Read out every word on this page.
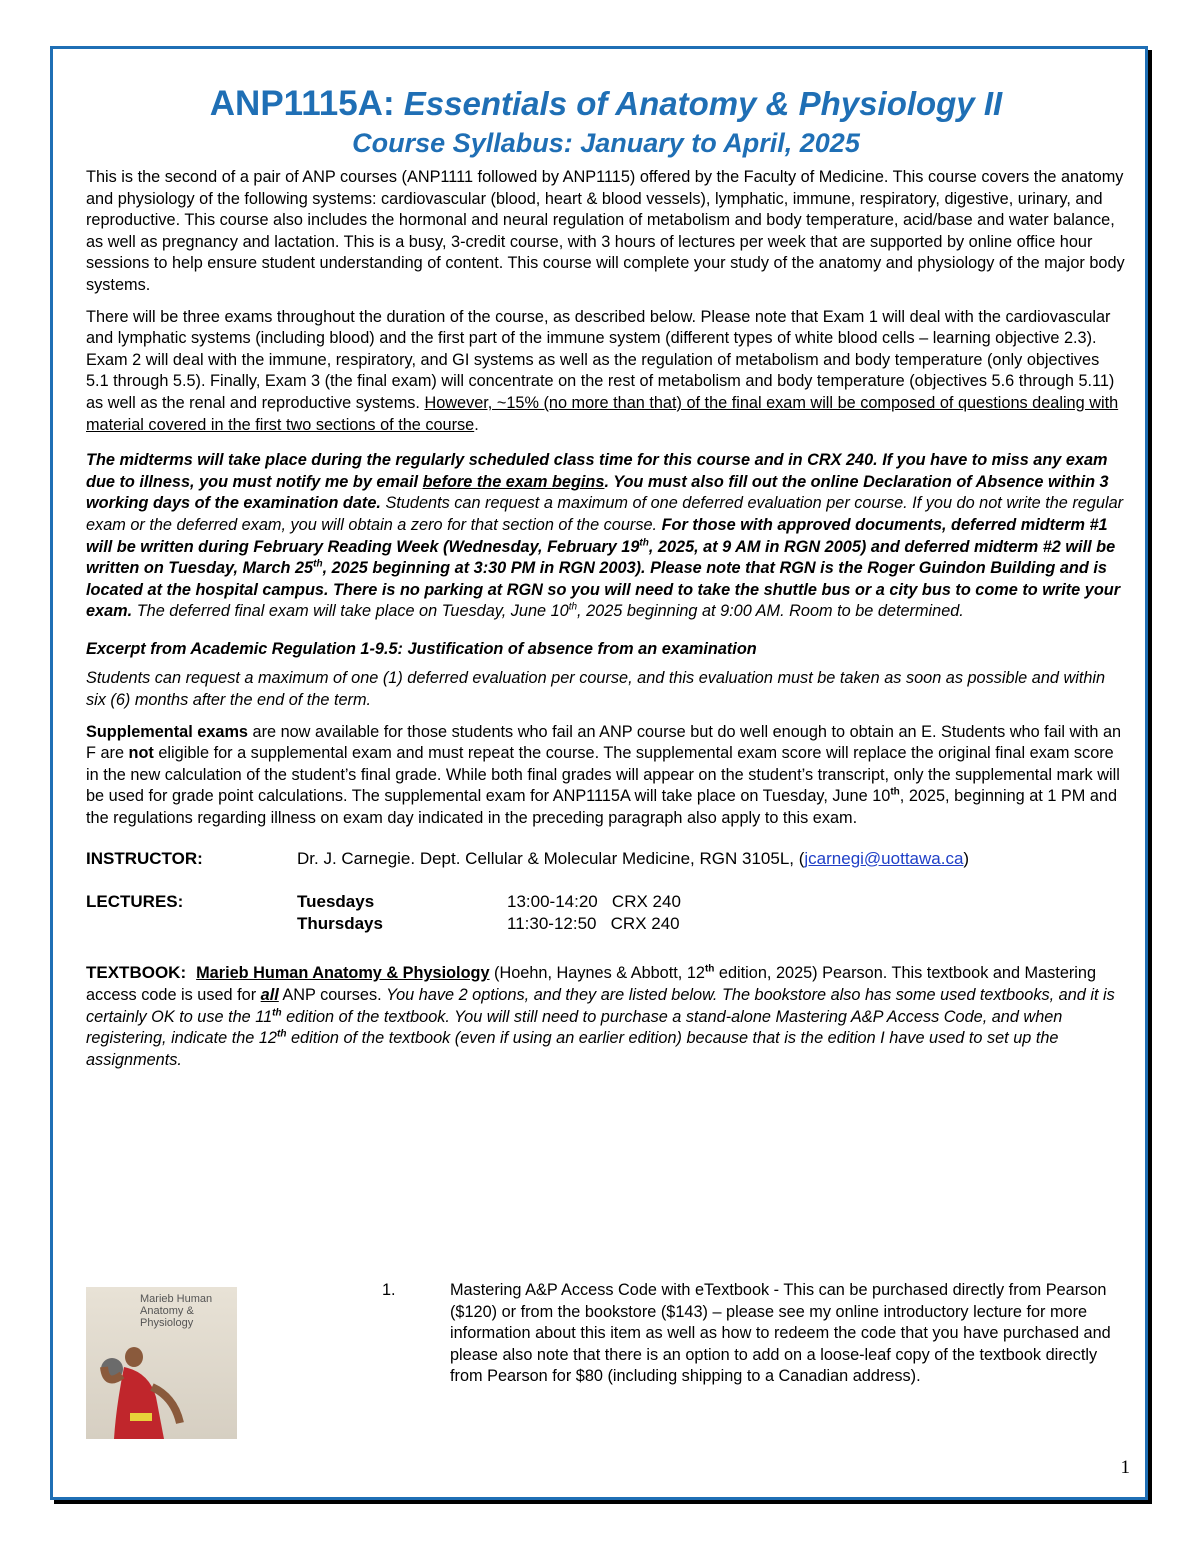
ANP1115A: Essentials of Anatomy & Physiology II
Course Syllabus: January to April, 2025

This is the second of a pair of ANP courses (ANP1111 followed by ANP1115) offered by the Faculty of Medicine. This course covers the anatomy and physiology of the following systems: cardiovascular (blood, heart & blood vessels), lymphatic, immune, respiratory, digestive, urinary, and reproductive. This course also includes the hormonal and neural regulation of metabolism and body temperature, acid/base and water balance, as well as pregnancy and lactation. This is a busy, 3-credit course, with 3 hours of lectures per week that are supported by online office hour sessions to help ensure student understanding of content. This course will complete your study of the anatomy and physiology of the major body systems.

There will be three exams throughout the duration of the course, as described below. Please note that Exam 1 will deal with the cardiovascular and lymphatic systems (including blood) and the first part of the immune system (different types of white blood cells – learning objective 2.3). Exam 2 will deal with the immune, respiratory, and GI systems as well as the regulation of metabolism and body temperature (only objectives 5.1 through 5.5). Finally, Exam 3 (the final exam) will concentrate on the rest of metabolism and body temperature (objectives 5.6 through 5.11) as well as the renal and reproductive systems. However, ~15% (no more than that) of the final exam will be composed of questions dealing with material covered in the first two sections of the course.

The midterms will take place during the regularly scheduled class time for this course and in CRX 240. If you have to miss any exam due to illness, you must notify me by email before the exam begins. You must also fill out the online Declaration of Absence within 3 working days of the examination date. Students can request a maximum of one deferred evaluation per course. If you do not write the regular exam or the deferred exam, you will obtain a zero for that section of the course. For those with approved documents, deferred midterm #1 will be written during February Reading Week (Wednesday, February 19th, 2025, at 9 AM in RGN 2005) and deferred midterm #2 will be written on Tuesday, March 25th, 2025 beginning at 3:30 PM in RGN 2003). Please note that RGN is the Roger Guindon Building and is located at the hospital campus. There is no parking at RGN so you will need to take the shuttle bus or a city bus to come to write your exam. The deferred final exam will take place on Tuesday, June 10th, 2025 beginning at 9:00 AM. Room to be determined.

Excerpt from Academic Regulation 1-9.5: Justification of absence from an examination

Students can request a maximum of one (1) deferred evaluation per course, and this evaluation must be taken as soon as possible and within six (6) months after the end of the term.

Supplemental exams are now available for those students who fail an ANP course but do well enough to obtain an E. Students who fail with an F are not eligible for a supplemental exam and must repeat the course. The supplemental exam score will replace the original final exam score in the new calculation of the student’s final grade. While both final grades will appear on the student’s transcript, only the supplemental mark will be used for grade point calculations. The supplemental exam for ANP1115A will take place on Tuesday, June 10th, 2025, beginning at 1 PM and the regulations regarding illness on exam day indicated in the preceding paragraph also apply to this exam.

INSTRUCTOR:	Dr. J. Carnegie. Dept. Cellular & Molecular Medicine, RGN 3105L, (jcarnegi@uottawa.ca)
LECTURES:	Tuesdays	13:00-14:20   CRX 240
Thursdays	11:30-12:50   CRX 240

TEXTBOOK: Marieb Human Anatomy & Physiology (Hoehn, Haynes & Abbott, 12th edition, 2025) Pearson. This textbook and Mastering access code is used for all ANP courses. You have 2 options, and they are listed below. The bookstore also has some used textbooks, and it is certainly OK to use the 11th edition of the textbook. You will still need to purchase a stand-alone Mastering A&P Access Code, and when registering, indicate the 12th edition of the textbook (even if using an earlier edition) because that is the edition I have used to set up the assignments.

Marieb Human Anatomy & Physiology
1.	Mastering A&P Access Code with eTextbook - This can be purchased directly from Pearson ($120) or from the bookstore ($143) – please see my online introductory lecture for more information about this item as well as how to redeem the code that you have purchased and please also note that there is an option to add on a loose-leaf copy of the textbook directly from Pearson for $80 (including shipping to a Canadian address).
1
